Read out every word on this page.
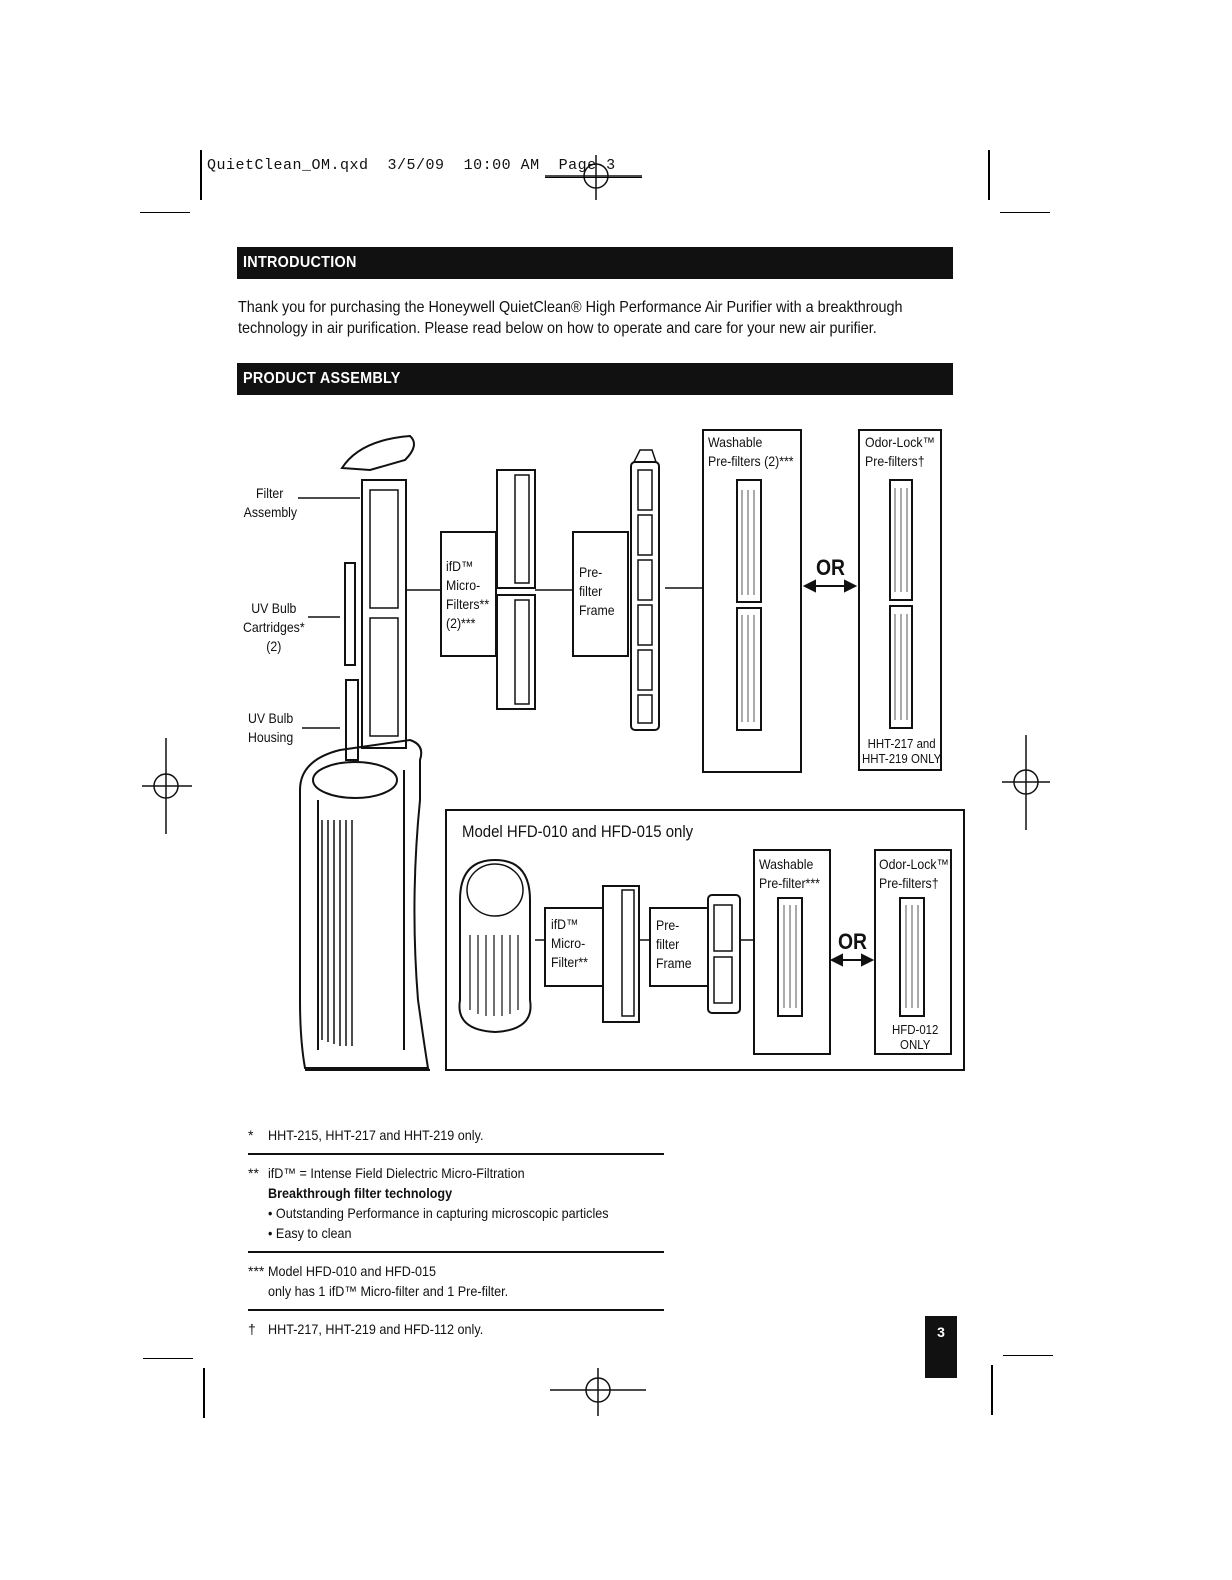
QuietClean_OM.qxd 3/5/09 10:00 AM Page 3
INTRODUCTION

Thank you for purchasing the Honeywell QuietClean® High Performance Air Purifier with a breakthrough

technology in air purification. Please read below on how to operate and care for your new air purifier.

PRODUCT ASSEMBLY
Filter
Assembly
UV Bulb
Cartridges*
(2)
UV Bulb
Housing
ifD™
Micro-
Filters**
(2)***
Pre-
filter
Frame
Washable
Pre-filters (2)***
OR
Odor-Lock™
Pre-filters†
HHT-217 and
HHT-219 ONLY
Model HFD-010 and HFD-015 only
ifD™
Micro-
Filter**
Pre-
filter
Frame
Washable
Pre-filter***
OR
Odor-Lock™
Pre-filters†
HFD-012
ONLY
* HHT-215, HHT-217 and HHT-219 only.
** ifD™ = Intense Field Dielectric Micro-Filtration
Breakthrough filter technology
• Outstanding Performance in capturing microscopic particles
• Easy to clean
*** Model HFD-010 and HFD-015
only has 1 ifD™ Micro-filter and 1 Pre-filter.
† HHT-217, HHT-219 and HFD-112 only.	3
